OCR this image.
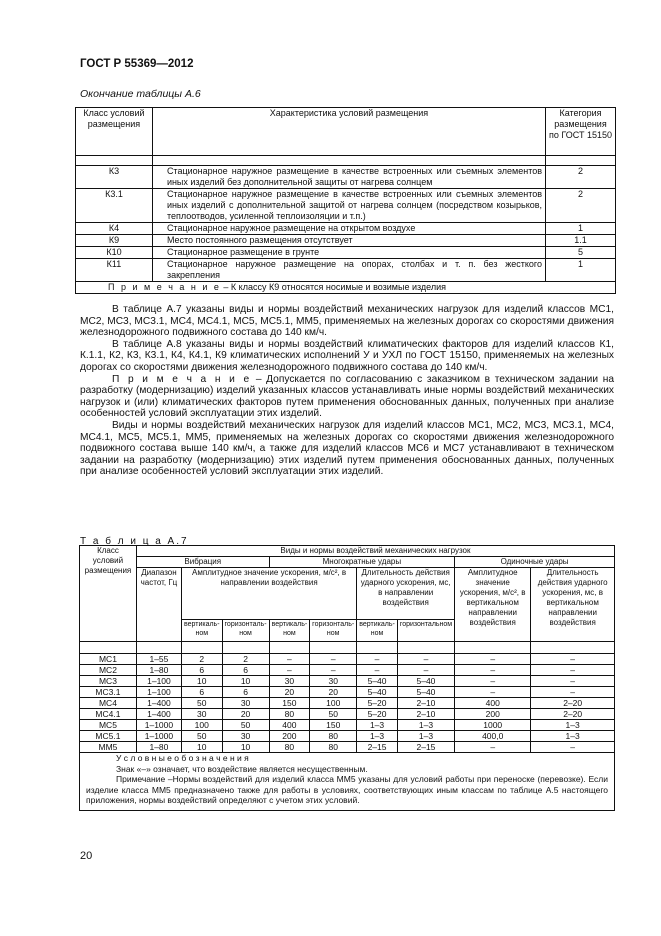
ГОСТ Р 55369—2012
Окончание таблицы А.6
Класс условий размещения	Характеристика условий размещения	Категория размещения по ГОСТ 15150

К3	Стационарное наружное размещение в качестве встроенных или съемных элементов иных изделий без дополнительной защиты от нагрева солнцем	2
К3.1	Стационарное наружное размещение в качестве встроенных или съемных элементов иных изделий с дополнительной защитой от нагрева солнцем (посредством козырьков, теплоотводов, усиленной теплоизоляции и т.п.)	2
К4	Стационарное наружное размещение на открытом воздухе	1
К9	Место постоянного размещения отсутствует	1.1
К10	Стационарное размещение в грунте	5
К11	Стационарное наружное размещение на опорах, столбах и т. п. без жесткого закрепления	1
П р и м е ч а н и е – К классу К9 относятся носимые и возимые изделия		

В таблице А.7 указаны виды и нормы воздействий механических нагрузок для изделий классов МС1, МС2, МС3, МС3.1, МС4, МС4.1, МС5, МС5.1, ММ5, применяемых на железных дорогах со скоростями движения железнодорожного подвижного состава до 140 км/ч.

В таблице А.8 указаны виды и нормы воздействий климатических факторов для изделий классов К1, К.1.1, К2, К3, К3.1, К4, К4.1, К9 климатических исполнений У и УХЛ по ГОСТ 15150, применяемых на железных дорогах со скоростями движения железнодорожного подвижного состава до 140 км/ч.

П р и м е ч а н и е – Допускается по согласованию с заказчиком в техническом задании на разработку (модернизацию) изделий указанных классов устанавливать иные нормы воздействий механических нагрузок и (или) климатических факторов путем применения обоснованных данных, полученных при анализе особенностей условий эксплуатации этих изделий.

Виды и нормы воздействий механических нагрузок для изделий классов МС1, МС2, МС3, МС3.1, МС4, МС4.1, МС5, МС5.1, ММ5, применяемых на железных дорогах со скоростями движения железнодорожного подвижного состава выше 140 км/ч, а также для изделий классов МС6 и МС7 устанавливают в техническом задании на разработку (модернизацию) этих изделий путем применения обоснованных данных, полученных при анализе особенностей условий эксплуатации этих изделий.

Т а б л и ц а А.7
Класс условий размещения	Виды и нормы воздействий механических нагрузок								
	Вибрация			Многократные удары				Одиночные удары	
	Диапазон частот, Гц	Амплитудное значение ускорения, м/с², в направлении воздействия				Длительность действия ударного ускорения, мс, в направлении воздействия		Амплитудное значение ускорения, м/с², в вертикальном направлении воздействия	Длительность действия ударного ускорения, мс, в вертикальном направлении воздействия
		вертикаль-ном	горизонталь-ном	вертикаль-ном	горизонталь-ном	вертикаль-ном	горизонтальном		

МС1	1–55	2	2	–	–	–	–	–	–
МС2	1–80	6	6	–	–	–	–	–	–
МС3	1–100	10	10	30	30	5–40	5–40	–	–
МС3.1	1–100	6	6	20	20	5–40	5–40	–	–
МС4	1–400	50	30	150	100	5–20	2–10	400	2–20
МС4.1	1–400	30	20	80	50	5–20	2–10	200	2–20
МС5	1–1000	100	50	400	150	1–3	1–3	1000	1–3
МС5.1	1–1000	50	30	200	80	1–3	1–3	400,0	1–3
ММ5	1–80	10	10	80	80	2–15	2–15	–	–

У с л о в н ы е о б о з н а ч е н и я

Знак «–» означает, что воздействие является несущественным.

Примечание –Нормы воздействий для изделий класса ММ5 указаны для условий работы при переноске (перевозке). Если изделие класса ММ5 предназначено также для работы в условиях, соответствующих иным классам по таблице А.5 настоящего приложения, нормы воздействий определяют с учетом этих условий.									

20
